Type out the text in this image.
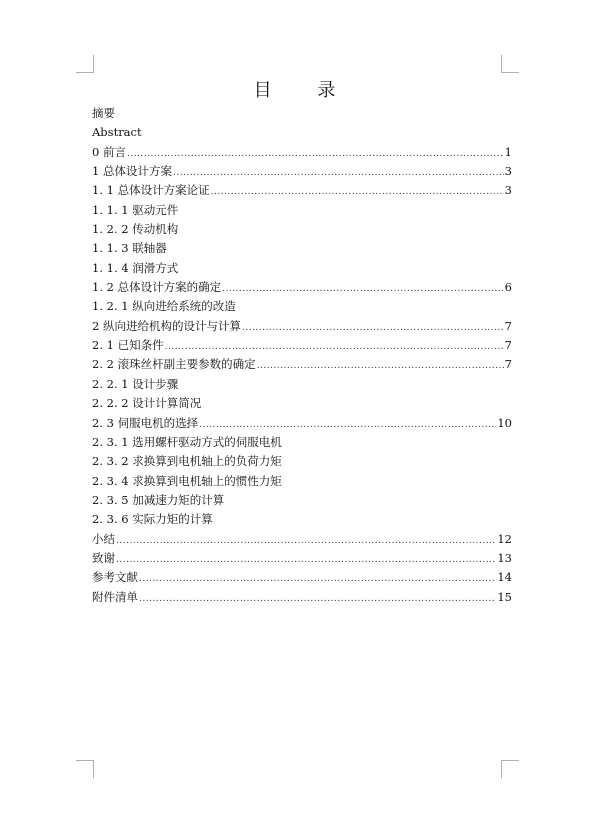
目 录
摘要
Abstract
0 前言 .....	1
1 总体设计方案 .....	3
1. 1 总体设计方案论证 .....	3
1. 1. 1 驱动元件
1. 2. 2 传动机构
1. 1. 3 联轴器
1. 1. 4 润滑方式
1. 2 总体设计方案的确定 .....	6
1. 2. 1 纵向进给系统的改造
2 纵向进给机构的设计与计算 .....	7
2. 1 已知条件 .....	7
2. 2 滚珠丝杆副主要参数的确定 .....	7
2. 2. 1 设计步骤
2. 2. 2 设计计算简况
2. 3 伺服电机的选择 .....	10
2. 3. 1 选用螺杆驱动方式的伺服电机
2. 3. 2 求换算到电机轴上的负荷力矩
2. 3. 4 求换算到电机轴上的惯性力矩
2. 3. 5 加减速力矩的计算
2. 3. 6 实际力矩的计算
小结 .....	12
致谢 .....	13
参考文献 .....	14
附件清单 .....	15
